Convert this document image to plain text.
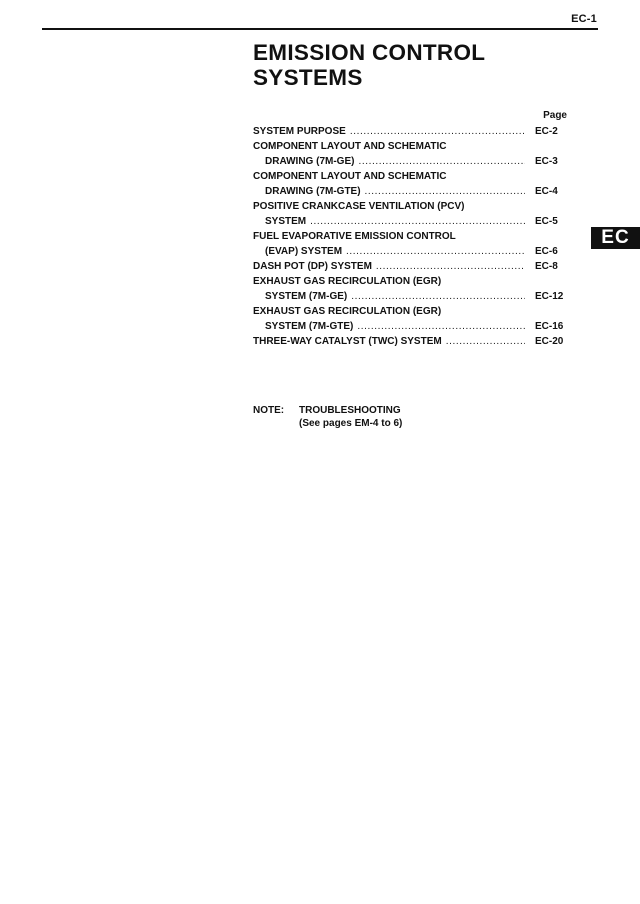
EC-1
EMISSION CONTROL
SYSTEMS
Page
SYSTEM PURPOSE .....	EC-2
COMPONENT LAYOUT AND SCHEMATIC
DRAWING (7M-GE) .....	EC-3
COMPONENT LAYOUT AND SCHEMATIC
DRAWING (7M-GTE) .....	EC-4
POSITIVE CRANKCASE VENTILATION (PCV)
SYSTEM .....	EC-5
FUEL EVAPORATIVE EMISSION CONTROL
(EVAP) SYSTEM .....	EC-6
DASH POT (DP) SYSTEM .....	EC-8
EXHAUST GAS RECIRCULATION (EGR)
SYSTEM (7M-GE) .....	EC-12
EXHAUST GAS RECIRCULATION (EGR)
SYSTEM (7M-GTE) .....	EC-16
THREE-WAY CATALYST (TWC) SYSTEM .....	EC-20
NOTE:	TROUBLESHOOTING
(See pages EM-4 to 6)
EC
